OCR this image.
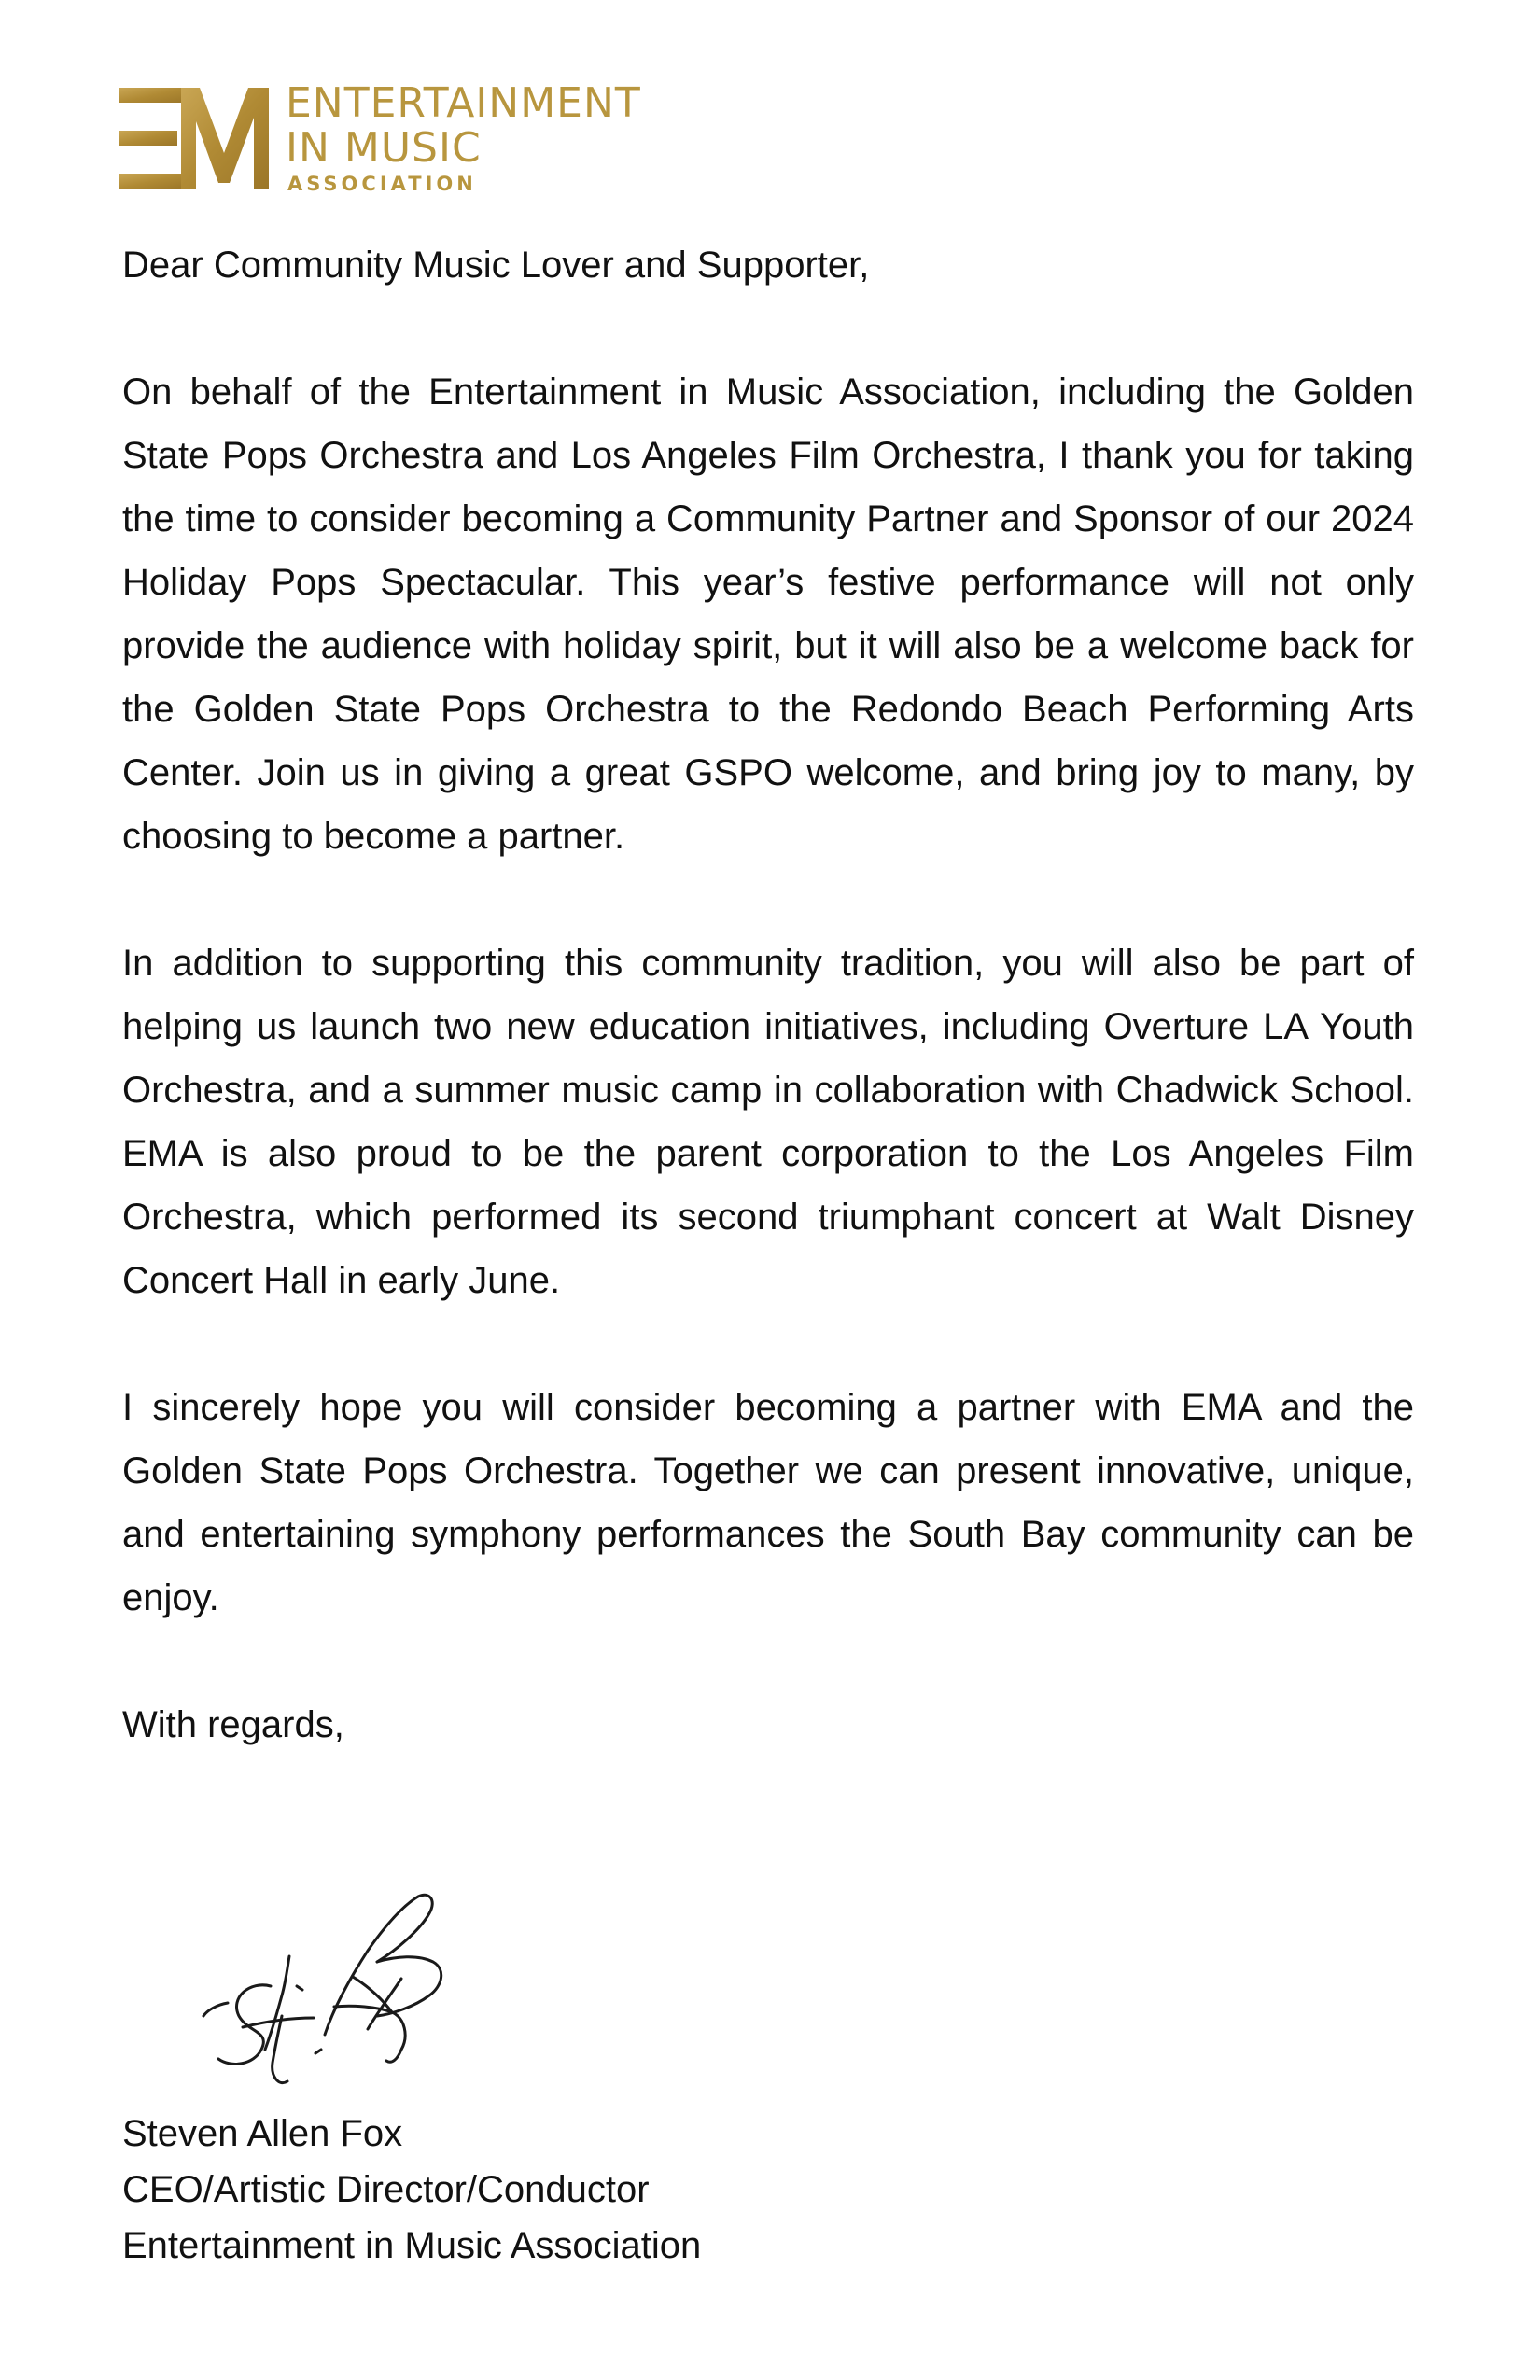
ENTERTAINMENT
IN MUSIC
ASSOCIATION

Dear Community Music Lover and Supporter,

On behalf of the Entertainment in Music Association, including the Golden State Pops Orchestra and Los Angeles Film Orchestra, I thank you for taking the time to consider becoming a Community Partner and Sponsor of our 2024 Holiday Pops Spectacular. This year’s festive performance will not only provide the audience with holiday spirit, but it will also be a welcome back for the Golden State Pops Orchestra to the Redondo Beach Performing Arts Center. Join us in giving a great GSPO welcome, and bring joy to many, by choosing to become a partner.

In addition to supporting this community tradition, you will also be part of helping us launch two new education initiatives, including Overture LA Youth Orchestra, and a summer music camp in collaboration with Chadwick School. EMA is also proud to be the parent corporation to the Los Angeles Film Orchestra, which performed its second triumphant concert at Walt Disney Concert Hall in early June.

I sincerely hope you will consider becoming a partner with EMA and the Golden State Pops Orchestra. Together we can present innovative, unique, and entertaining symphony performances the South Bay community can be enjoy.

With regards,

Steven Allen Fox
CEO/Artistic Director/Conductor
Entertainment in Music Association
